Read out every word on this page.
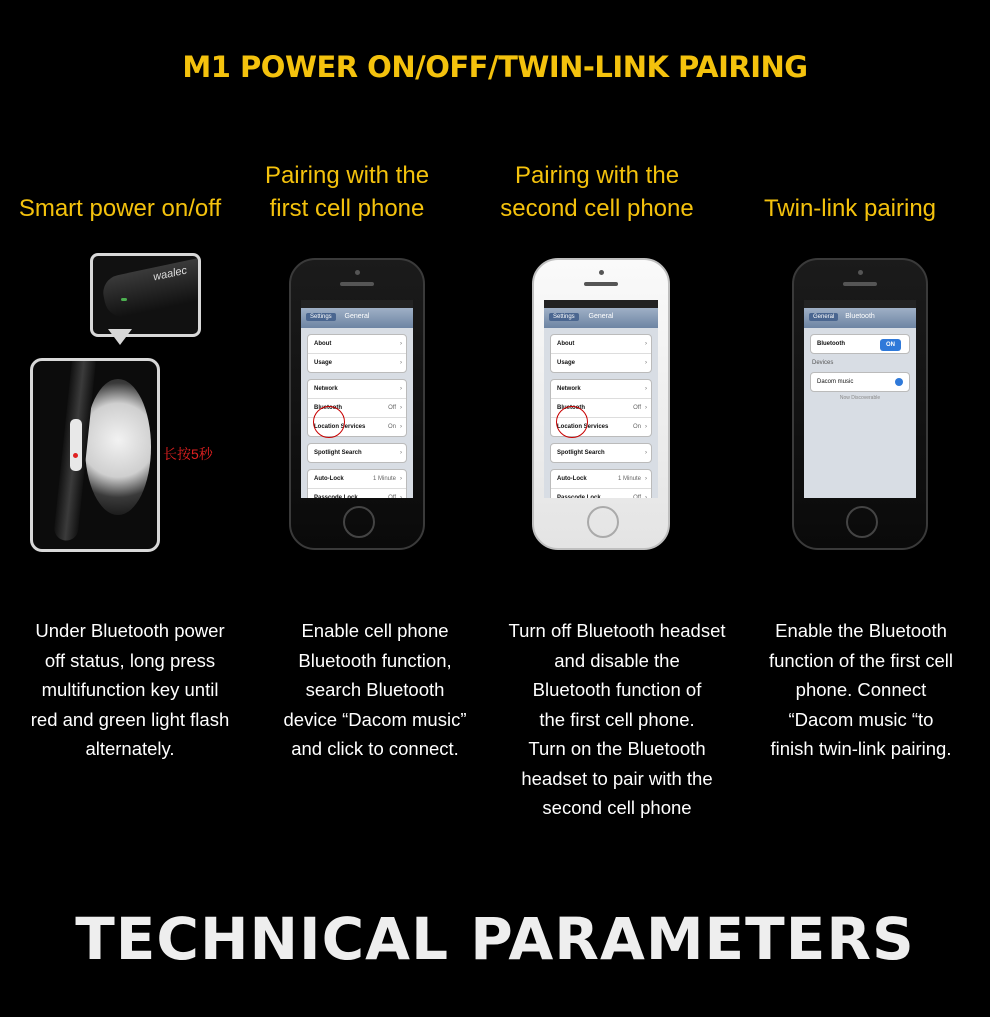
M1 POWER ON/OFF/TWIN-LINK PAIRING
Smart power on/off
Pairing with the
first cell phone
Pairing with the
second cell phone	Twin-link pairing
waalec
长按5秒
Settings	General
About	›
Usage	›
Network	›
Bluetooth	Off ›
Location Services	On ›
Spotlight Search	›
Auto-Lock	1 Minute ›
Passcode Lock	Off ›
Settings	General
About	›
Usage	›
Network	›
Bluetooth	Off ›
Location Services	On ›
Spotlight Search	›
Auto-Lock	1 Minute ›
Passcode Lock	Off ›
General	Bluetooth
Bluetooth	ON
Devices
Dacom music
Now Discoverable
Under Bluetooth power
off status, long press
multifunction key until
red and green light flash
alternately.
Enable cell phone
Bluetooth function,
search Bluetooth
device “Dacom music”
and click to connect.
Turn off Bluetooth headset
and disable the
Bluetooth function of
the first cell phone.
Turn on the Bluetooth
headset to pair with the
second cell phone
Enable the Bluetooth
function of the first cell
phone. Connect
“Dacom music “to
finish twin-link pairing.
TECHNICAL PARAMETERS
